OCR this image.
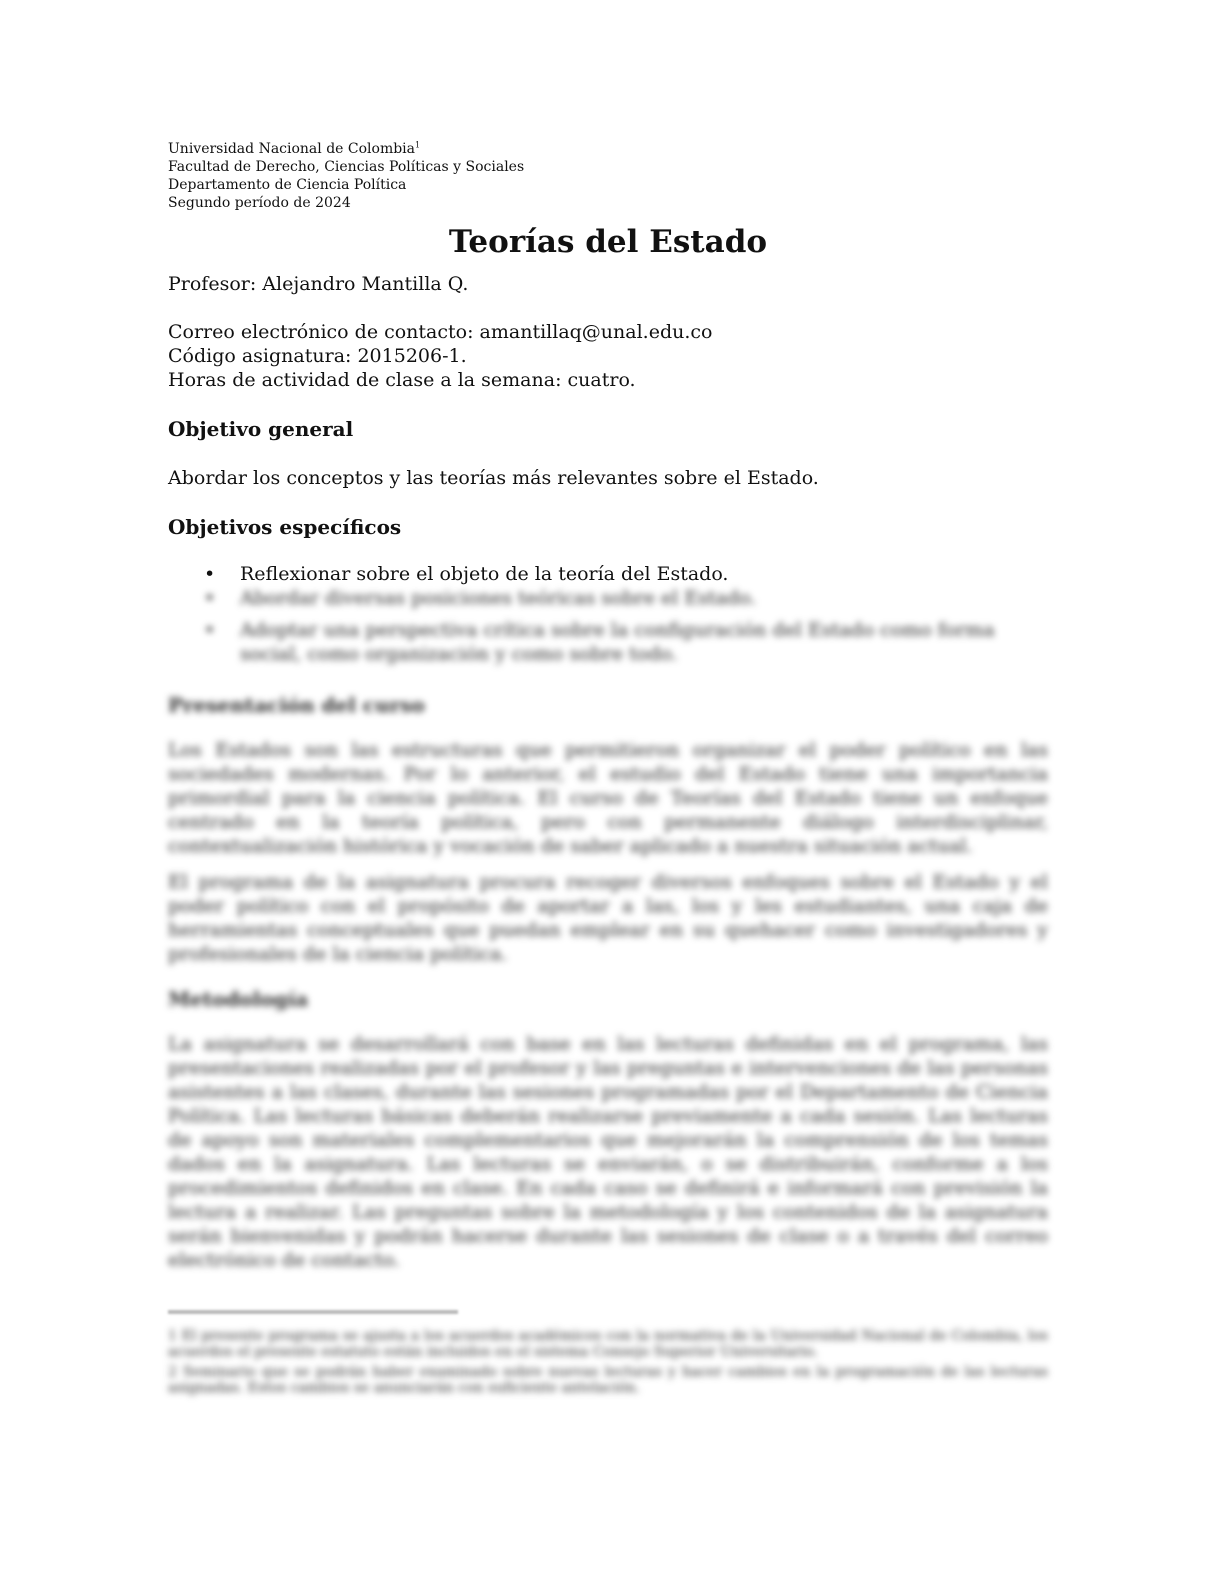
Universidad Nacional de Colombia$^1$

Facultad de Derecho, Ciencias Políticas y Sociales

Departamento de Ciencia Política

Segundo período de 2024

Teorías del Estado

Profesor: Alejandro Mantilla Q.

Correo electrónico de contacto: amantillaq@unal.edu.co

Código asignatura: 2015206-1.

Horas de actividad de clase a la semana: cuatro.

Objetivo general

Abordar los conceptos y las teorías más relevantes sobre el Estado.

Objetivos específicos
• Reflexionar sobre el objeto de la teoría del Estado.
• Abordar diversas posiciones teóricas sobre el Estado.
• Adoptar una perspectiva crítica sobre la configuración del Estado como forma social, como organización y como sobre todo.
Presentación del curso

Los Estados son las estructuras que permitieron organizar el poder político en las sociedades modernas. Por lo anterior, el estudio del Estado tiene una importancia primordial para la ciencia política. El curso de Teorías del Estado tiene un enfoque centrado en la teoría política, pero con permanente diálogo interdisciplinar, contextualización histórica y vocación de saber aplicado a nuestra situación actual.

El programa de la asignatura procura recoger diversos enfoques sobre el Estado y el poder político con el propósito de aportar a las, los y les estudiantes, una caja de herramientas conceptuales que puedan emplear en su quehacer como investigadores y profesionales de la ciencia política.

Metodología

La asignatura se desarrollará con base en las lecturas definidas en el programa, las presentaciones realizadas por el profesor y las preguntas e intervenciones de las personas asistentes a las clases, durante las sesiones programadas por el Departamento de Ciencia Política. Las lecturas básicas deberán realizarse previamente a cada sesión. Las lecturas de apoyo son materiales complementarios que mejorarán la comprensión de los temas dados en la asignatura. Las lecturas se enviarán, o se distribuirán, conforme a los procedimientos definidos en clase. En cada caso se definirá e informará con previsión la lectura a realizar. Las preguntas sobre la metodología y los contenidos de la asignatura serán bienvenidas y podrán hacerse durante las sesiones de clase o a través del correo electrónico de contacto.

1 El presente programa se ajusta a los acuerdos académicos con la normativa de la Universidad Nacional de Colombia, los acuerdos el presente estatuto están incluidos en el sistema Consejo Superior Universitario.

2 Seminario que se podrán haber examinado sobre nuevas lecturas y hacer cambios en la programación de las lecturas asignadas. Estos cambios se anunciarán con suficiente antelación.
